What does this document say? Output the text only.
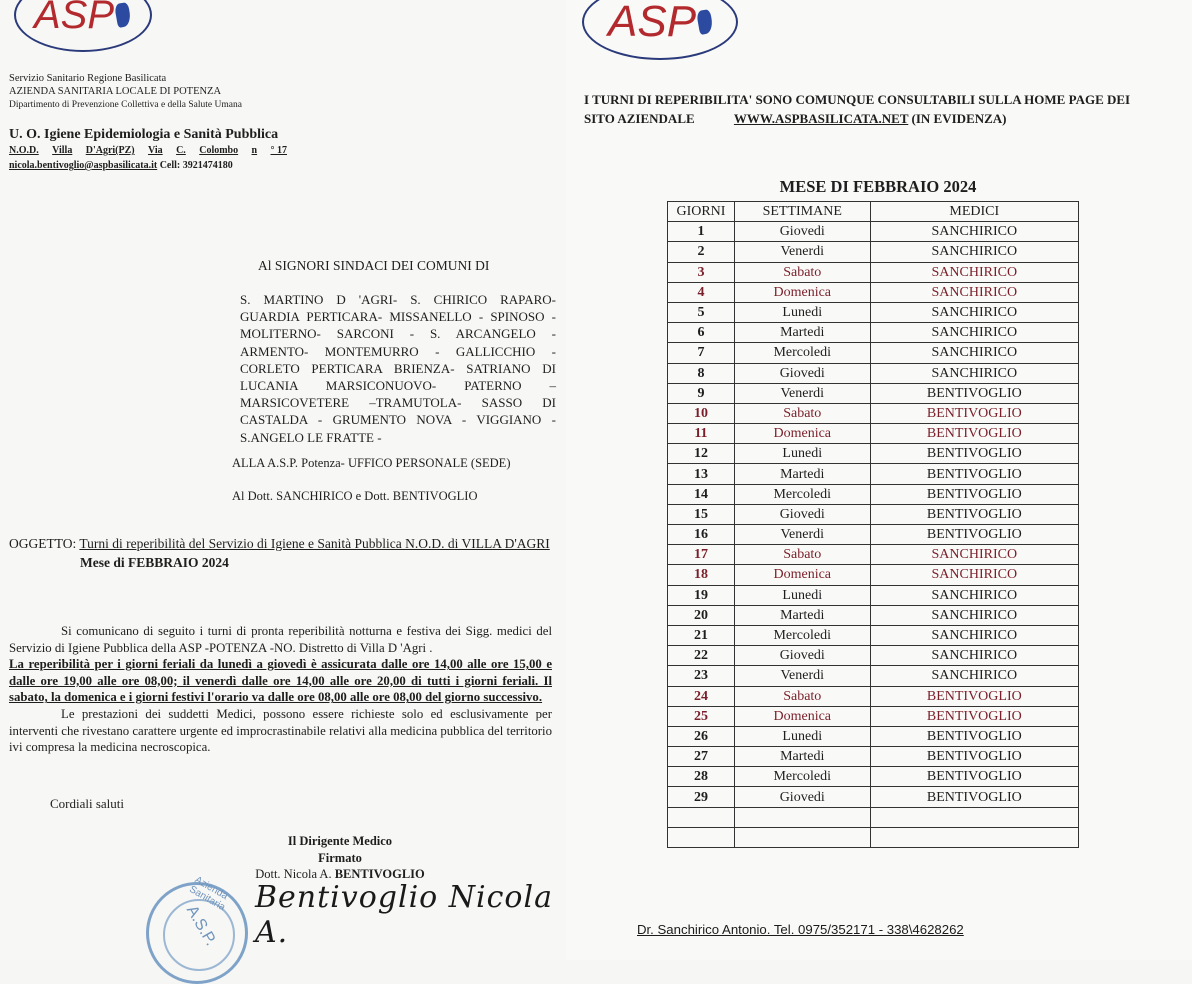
ASP
Servizio Sanitario Regione Basilicata
AZIENDA SANITARIA LOCALE DI POTENZA
Dipartimento di Prevenzione Collettiva e della Salute Umana
U. O. Igiene Epidemiologia e Sanità Pubblica
N.O.D. Villa D'Agri(PZ) Via C. Colombo n ° 17
nicola.bentivoglio@aspbasilicata.it Cell: 3921474180
Al SIGNORI SINDACI DEI COMUNI DI
S. MARTINO D 'AGRI- S. CHIRICO RAPARO- GUARDIA PERTICARA- MISSANELLO - SPINOSO - MOLITERNO- SARCONI - S. ARCANGELO - ARMENTO- MONTEMURRO - GALLICCHIO - CORLETO PERTICARA BRIENZA- SATRIANO DI LUCANIA MARSICONUOVO- PATERNO – MARSICOVETERE –TRAMUTOLA- SASSO DI CASTALDA - GRUMENTO NOVA - VIGGIANO - S.ANGELO LE FRATTE -
ALLA A.S.P. Potenza- UFFICO PERSONALE (SEDE)
Al Dott. SANCHIRICO e Dott. BENTIVOGLIO
OGGETTO: Turni di reperibilità del Servizio di Igiene e Sanità Pubblica N.O.D. di VILLA D'AGRI
Mese di FEBBRAIO 2024

Si comunicano di seguito i turni di pronta reperibilità notturna e festiva dei Sigg. medici del Servizio di Igiene Pubblica della ASP -POTENZA -NO. Distretto di Villa D 'Agri .

La reperibilità per i giorni feriali da lunedì a giovedì è assicurata dalle ore 14,00 alle ore 15,00 e dalle ore 19,00 alle ore 08,00; il venerdì dalle ore 14,00 alle ore 20,00 di tutti i giorni feriali. Il sabato, la domenica e i giorni festivi l'orario va dalle ore 08,00 alle ore 08,00 del giorno successivo.

Le prestazioni dei suddetti Medici, possono essere richieste solo ed esclusivamente per interventi che rivestano carattere urgente ed improcrastinabile relativi alla medicina pubblica del territorio ivi compresa la medicina necroscopica.

Cordiali saluti
Il Dirigente Medico
Firmato
Dott. Nicola A. BENTIVOGLIO
Azienda Sanitaria
A.S.P.
Bentivoglio Nicola A.
ASP
I TURNI DI REPERIBILITA' SONO COMUNQUE CONSULTABILI SULLA HOME PAGE DEI
SITO AZIENDALE	WWW.ASPBASILICATA.NET (IN EVIDENZA)
MESE DI FEBBRAIO 2024
GIORNI	SETTIMANE	MEDICI
1	Giovedi	SANCHIRICO
2	Venerdi	SANCHIRICO
3	Sabato	SANCHIRICO
4	Domenica	SANCHIRICO
5	Lunedi	SANCHIRICO
6	Martedi	SANCHIRICO
7	Mercoledi	SANCHIRICO
8	Giovedi	SANCHIRICO
9	Venerdi	BENTIVOGLIO
10	Sabato	BENTIVOGLIO
11	Domenica	BENTIVOGLIO
12	Lunedi	BENTIVOGLIO
13	Martedi	BENTIVOGLIO
14	Mercoledi	BENTIVOGLIO
15	Giovedi	BENTIVOGLIO
16	Venerdi	BENTIVOGLIO
17	Sabato	SANCHIRICO
18	Domenica	SANCHIRICO
19	Lunedi	SANCHIRICO
20	Martedi	SANCHIRICO
21	Mercoledi	SANCHIRICO
22	Giovedi	SANCHIRICO
23	Venerdi	SANCHIRICO
24	Sabato	BENTIVOGLIO
25	Domenica	BENTIVOGLIO
26	Lunedi	BENTIVOGLIO
27	Martedi	BENTIVOGLIO
28	Mercoledi	BENTIVOGLIO
29	Giovedi	BENTIVOGLIO

Dr. Sanchirico Antonio. Tel. 0975/352171 - 338\4628262
